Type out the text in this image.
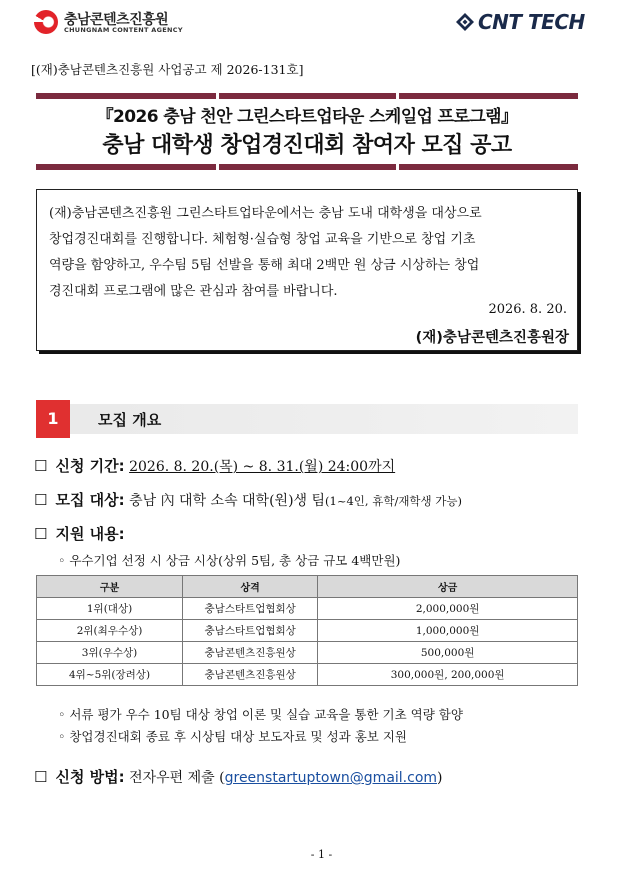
충남콘텐츠진흥원
CHUNGNAM CONTENT AGENCY	CNT TECH
[(재)충남콘텐츠진흥원 사업공고 제 2026-131호]
『2026 충남 천안 그린스타트업타운 스케일업 프로그램』
충남 대학생 창업경진대회 참여자 모집 공고
(재)충남콘텐츠진흥원 그린스타트업타운에서는 충남 도내 대학생을 대상으로
창업경진대회를 진행합니다. 체험형·실습형 창업 교육을 기반으로 창업 기초
역량을 함양하고, 우수팀 5팀 선발을 통해 최대 2백만 원 상금 시상하는 창업
경진대회 프로그램에 많은 관심과 참여를 바랍니다.
2026. 8. 20.
(재)충남콘텐츠진흥원장
1	모집 개요
☐ 신청 기간: 2026. 8. 20.(목) ~ 8. 31.(월) 24:00까지
☐ 모집 대상: 충남 內 대학 소속 대학(원)생 팀(1~4인, 휴학/재학생 가능)
☐ 지원 내용:
◦ 우수기업 선정 시 상금 시상(상위 5팀, 총 상금 규모 4백만원)
구분	상격	상금
1위(대상)	충남스타트업협회상	2,000,000원
2위(최우수상)	충남스타트업협회상	1,000,000원
3위(우수상)	충남콘텐츠진흥원상	500,000원
4위~5위(장려상)	충남콘텐츠진흥원상	300,000원, 200,000원
◦ 서류 평가 우수 10팀 대상 창업 이론 및 실습 교육을 통한 기초 역량 함양
◦ 창업경진대회 종료 후 시상팀 대상 보도자료 및 성과 홍보 지원
☐ 신청 방법: 전자우편 제출 (greenstartuptown@gmail.com)
- 1 -
